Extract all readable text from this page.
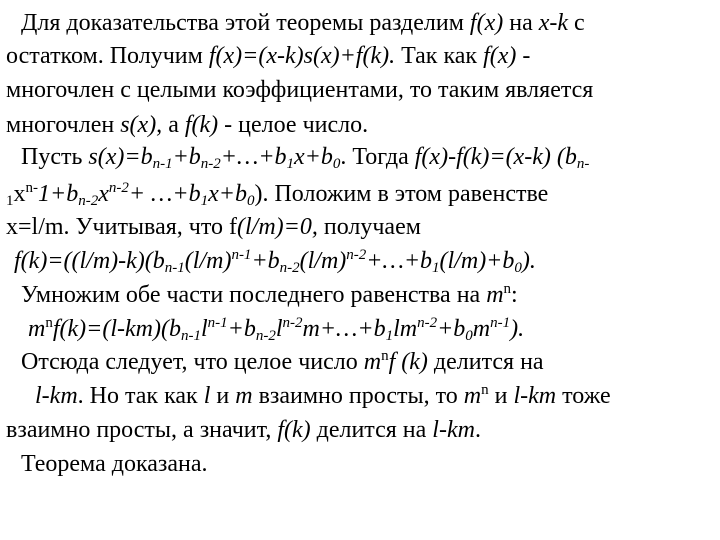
Для доказательства этой теоремы разделим f(x) на x-k с
остатком. Получим f(x)=(x-k)s(x)+f(k). Так как f(x) -
многочлен с целыми коэффициентами, то таким является
многочлен s(x), а f(k) - целое число.
Пусть $s(x)=b_{n-1}+b_{n-2}+\dots+b_1x+b_0$. Тогда f(x)-f(k)=(x-k) ($b_{n-}$
$_1x^{n-}1+b_{n-2}x^{n-2}+$ $\dots+b_1x+b_0$). Положим в этом равенстве
x=l/m. Учитывая, что f(l/m)=0, получаем
$f(k)=((l/m)-k)(b_{n-1}(l/m)^{n-1}+b_{n-2}(l/m)^{n-2}+\dots+b_1(l/m)+b_0)$.
Умножим обе части последнего равенства на $m^n$:
$m^nf(k)=(l-km)(b_{n-1}l^{n-1}+b_{n-2}l^{n-2}m+\dots+b_1lm^{n-2}+b_0m^{n-1})$.
Отсюда следует, что целое число $m^nf$ (k) делится на
l-km. Но так как l и m взаимно просты, то $m^n$ и l-km тоже
взаимно просты, а значит, f(k) делится на l-km.
Теорема доказана.
